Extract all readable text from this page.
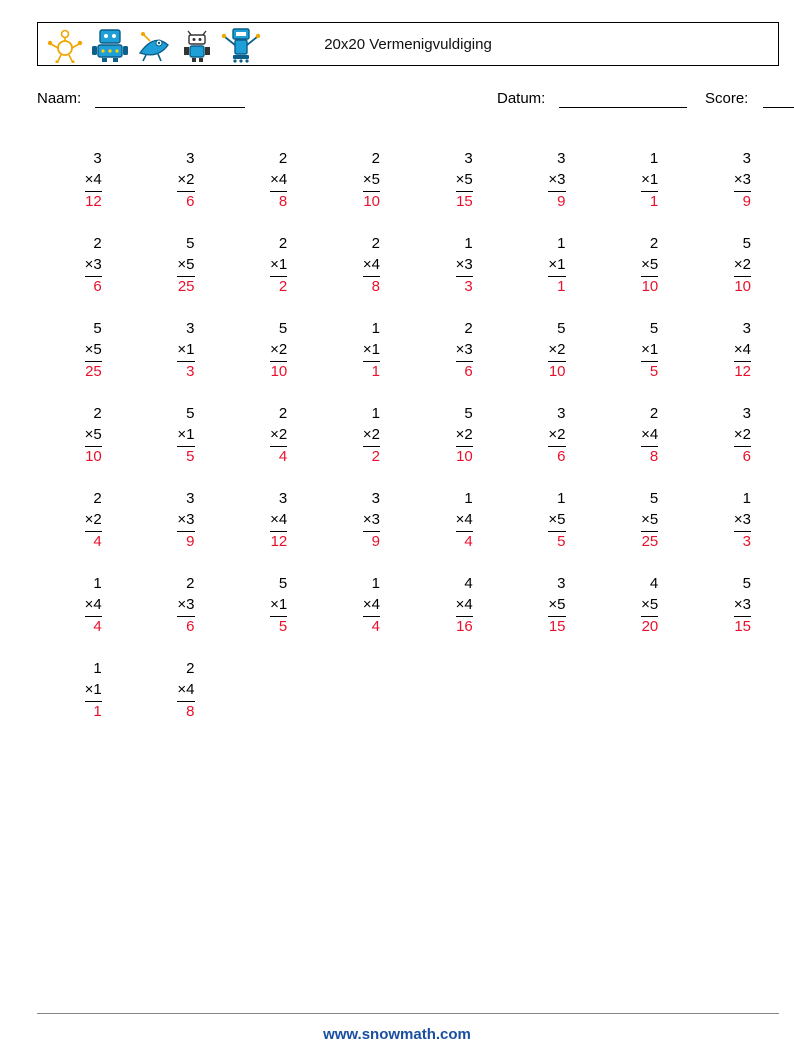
20x20 Vermenigvuldiging
Naam:	Datum:	Score:
3
×4
12
3
×2
6
2
×4
8
2
×5
10
3
×5
15
3
×3
9
1
×1
1
3
×3
9
2
×3
6
5
×5
25
2
×1
2
2
×4
8
1
×3
3
1
×1
1
2
×5
10
5
×2
10
5
×5
25
3
×1
3
5
×2
10
1
×1
1
2
×3
6
5
×2
10
5
×1
5
3
×4
12
2
×5
10
5
×1
5
2
×2
4
1
×2
2
5
×2
10
3
×2
6
2
×4
8
3
×2
6
2
×2
4
3
×3
9
3
×4
12
3
×3
9
1
×4
4
1
×5
5
5
×5
25
1
×3
3
1
×4
4
2
×3
6
5
×1
5
1
×4
4
4
×4
16
3
×5
15
4
×5
20
5
×3
15
1
×1
1
2
×4
8
www.snowmath.com
